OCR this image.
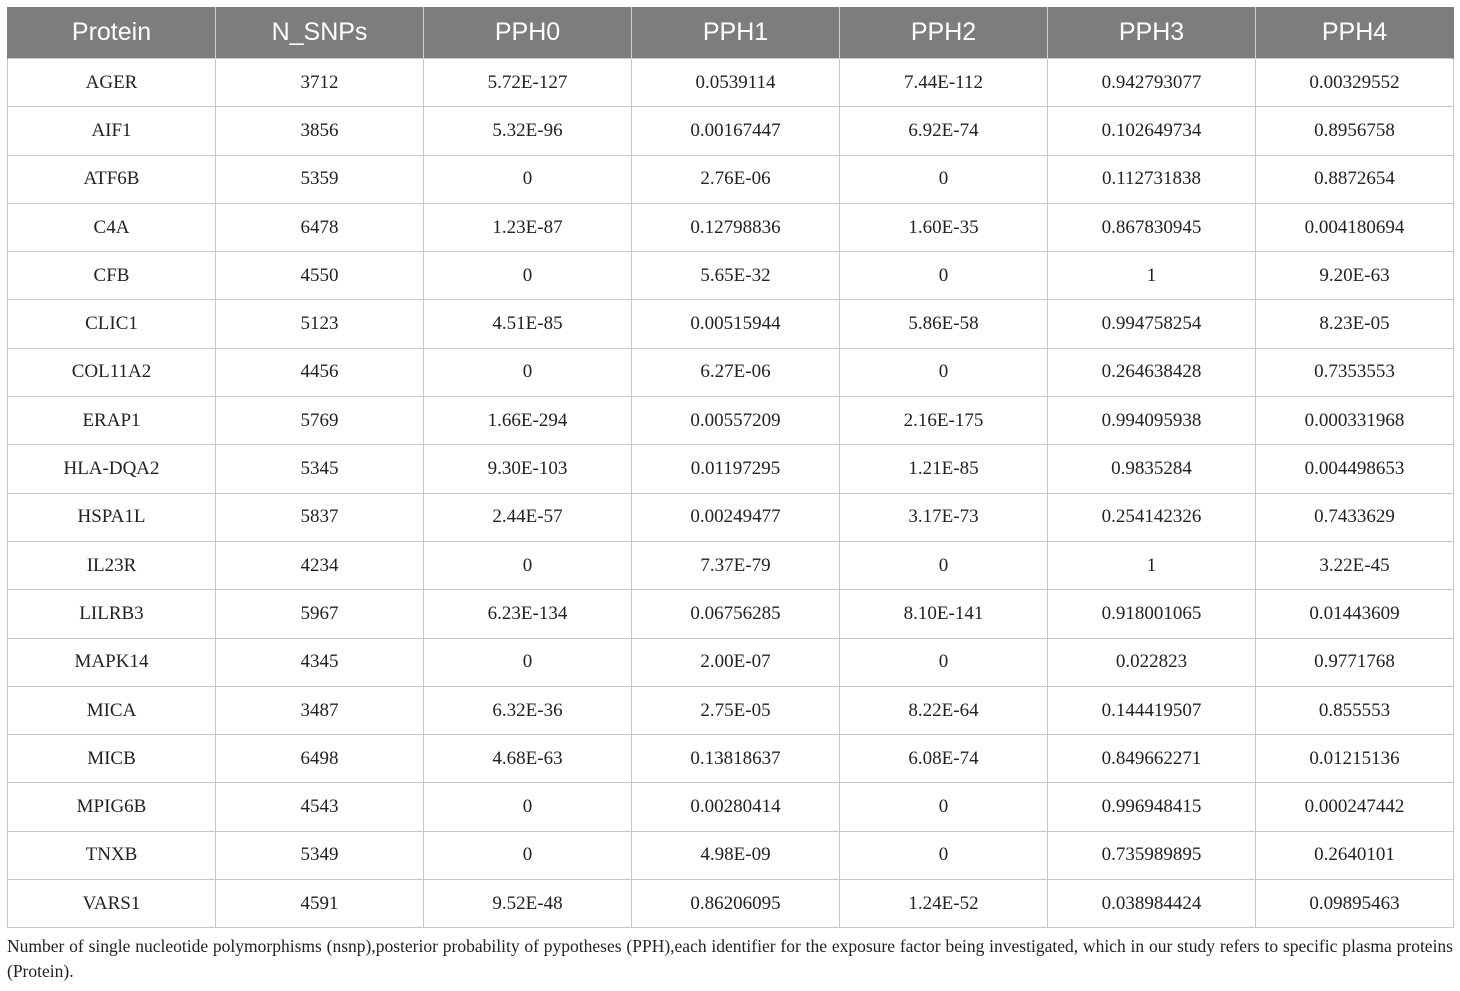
Protein	N_SNPs	PPH0	PPH1	PPH2	PPH3	PPH4
AGER	3712	5.72E-127	0.0539114	7.44E-112	0.942793077	0.00329552
AIF1	3856	5.32E-96	0.00167447	6.92E-74	0.102649734	0.8956758
ATF6B	5359	0	2.76E-06	0	0.112731838	0.8872654
C4A	6478	1.23E-87	0.12798836	1.60E-35	0.867830945	0.004180694
CFB	4550	0	5.65E-32	0	1	9.20E-63
CLIC1	5123	4.51E-85	0.00515944	5.86E-58	0.994758254	8.23E-05
COL11A2	4456	0	6.27E-06	0	0.264638428	0.7353553
ERAP1	5769	1.66E-294	0.00557209	2.16E-175	0.994095938	0.000331968
HLA-DQA2	5345	9.30E-103	0.01197295	1.21E-85	0.9835284	0.004498653
HSPA1L	5837	2.44E-57	0.00249477	3.17E-73	0.254142326	0.7433629
IL23R	4234	0	7.37E-79	0	1	3.22E-45
LILRB3	5967	6.23E-134	0.06756285	8.10E-141	0.918001065	0.01443609
MAPK14	4345	0	2.00E-07	0	0.022823	0.9771768
MICA	3487	6.32E-36	2.75E-05	8.22E-64	0.144419507	0.855553
MICB	6498	4.68E-63	0.13818637	6.08E-74	0.849662271	0.01215136
MPIG6B	4543	0	0.00280414	0	0.996948415	0.000247442
TNXB	5349	0	4.98E-09	0	0.735989895	0.2640101
VARS1	4591	9.52E-48	0.86206095	1.24E-52	0.038984424	0.09895463

Number of single nucleotide polymorphisms (nsnp),posterior probability of pypotheses (PPH),each identifier for the exposure factor being investigated, which in our study refers to specific plasma proteins (Protein).
